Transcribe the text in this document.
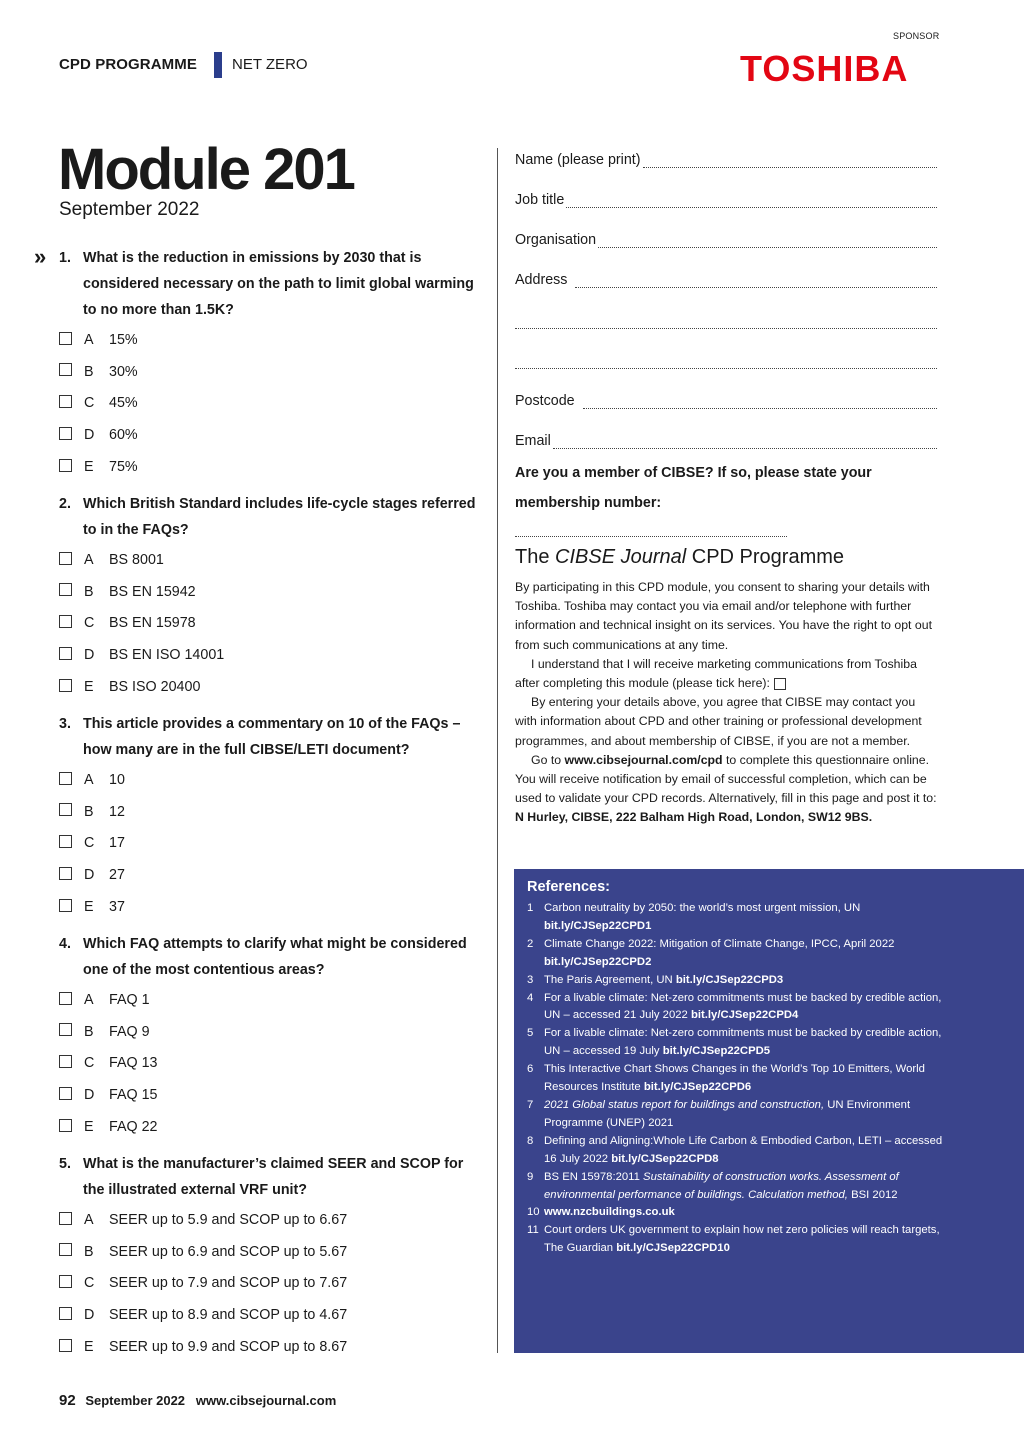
CPD PROGRAMME NET ZERO
SPONSOR
TOSHIBA
Module 201
September 2022
» 1. What is the reduction in emissions by 2030 that is considered necessary on the path to limit global warming to no more than 1.5K?
A 15%
B 30%
C 45%
D 60%
E 75%
2. Which British Standard includes life-cycle stages referred to in the FAQs?
A BS 8001
B BS EN 15942
C BS EN 15978
D BS EN ISO 14001
E BS ISO 20400
3. This article provides a commentary on 10 of the FAQs – how many are in the full CIBSE/LETI document?
A 10
B 12
C 17
D 27
E 37
4. Which FAQ attempts to clarify what might be considered one of the most contentious areas?
A FAQ 1
B FAQ 9
C FAQ 13
D FAQ 15
E FAQ 22
5. What is the manufacturer’s claimed SEER and SCOP for the illustrated external VRF unit?
A SEER up to 5.9 and SCOP up to 6.67
B SEER up to 6.9 and SCOP up to 5.67
C SEER up to 7.9 and SCOP up to 7.67
D SEER up to 8.9 and SCOP up to 4.67
E SEER up to 9.9 and SCOP up to 8.67
Name (please print)
Job title
Organisation
Address
Postcode
Email
Are you a member of CIBSE? If so, please state your
membership number:
The CIBSE Journal CPD Programme

By participating in this CPD module, you consent to sharing your details with Toshiba. Toshiba may contact you via email and/or telephone with further information and technical insight on its services. You have the right to opt out from such communications at any time.

I understand that I will receive marketing communications from Toshiba after completing this module (please tick here):

By entering your details above, you agree that CIBSE may contact you with information about CPD and other training or professional development programmes, and about membership of CIBSE, if you are not a member.

Go to www.cibsejournal.com/cpd to complete this questionnaire online. You will receive notification by email of successful completion, which can be used to validate your CPD records. Alternatively, fill in this page and post it to: N Hurley, CIBSE, 222 Balham High Road, London, SW12 9BS.

References:
1 Carbon neutrality by 2050: the world’s most urgent mission, UN bit.ly/CJSep22CPD1
2 Climate Change 2022: Mitigation of Climate Change, IPCC, April 2022 bit.ly/CJSep22CPD2
3 The Paris Agreement, UN bit.ly/CJSep22CPD3
4 For a livable climate: Net-zero commitments must be backed by credible action, UN – accessed 21 July 2022 bit.ly/CJSep22CPD4
5 For a livable climate: Net-zero commitments must be backed by credible action, UN – accessed 19 July bit.ly/CJSep22CPD5
6 This Interactive Chart Shows Changes in the World’s Top 10 Emitters, World Resources Institute bit.ly/CJSep22CPD6
7 2021 Global status report for buildings and construction, UN Environment Programme (UNEP) 2021
8 Defining and Aligning:Whole Life Carbon & Embodied Carbon, LETI – accessed 16 July 2022 bit.ly/CJSep22CPD8
9 BS EN 15978:2011 Sustainability of construction works. Assessment of environmental performance of buildings. Calculation method, BSI 2012
10 www.nzcbuildings.co.uk
11 Court orders UK government to explain how net zero policies will reach targets, The Guardian bit.ly/CJSep22CPD10
92 September 2022 www.cibsejournal.com
